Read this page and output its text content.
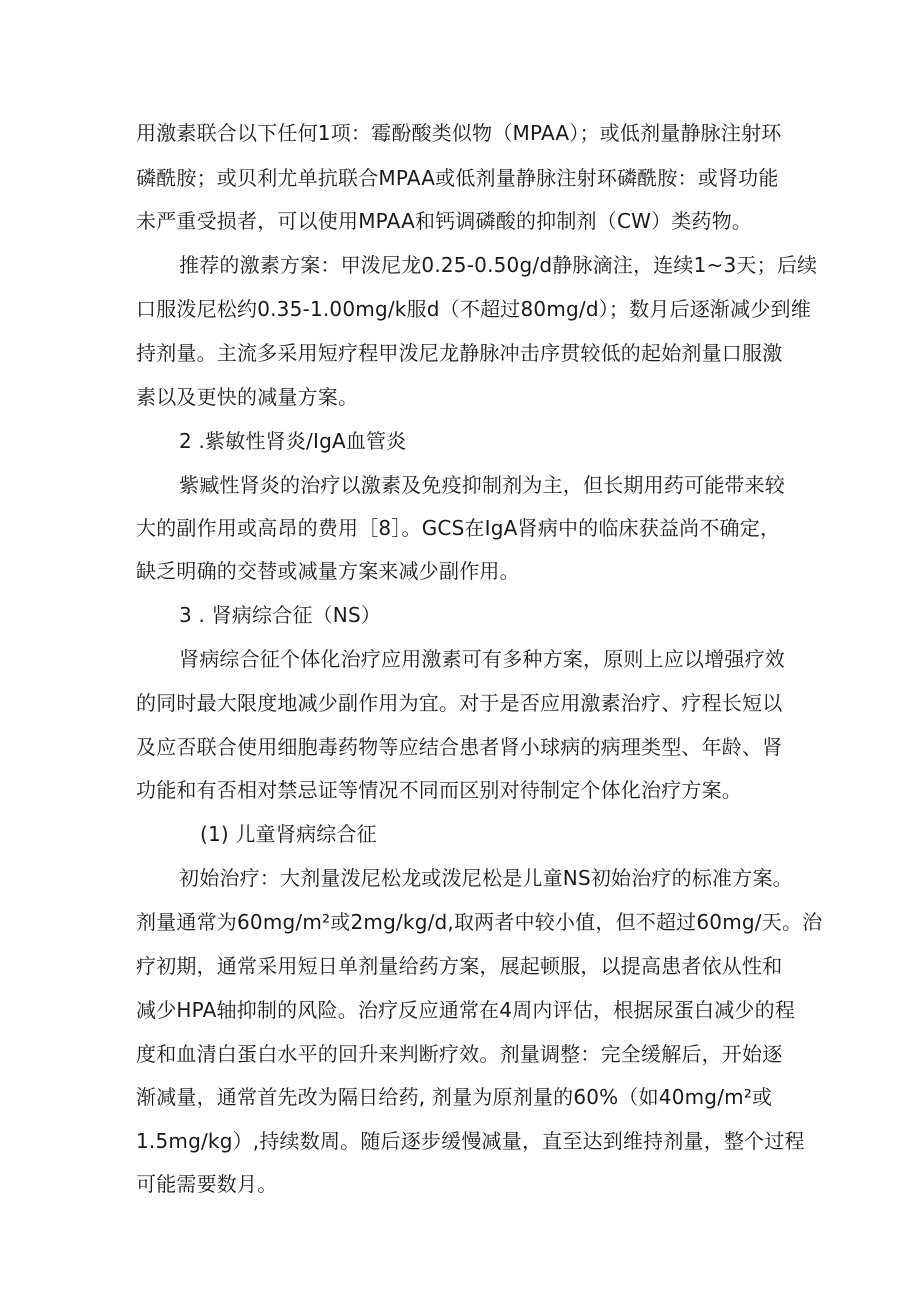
用激素联合以下任何1项：霉酚酸类似物（MPAA）；或低剂量静脉注射环
磷酰胺；或贝利尤单抗联合MPAA或低剂量静脉注射环磷酰胺：或肾功能
未严重受损者，可以使用MPAA和钙调磷酸的抑制剂（CW）类药物。
推荐的激素方案：甲泼尼龙0.25-0.50g/d静脉滴注，连续1~3天；后续
口服泼尼松约0.35-1.00mg/k服d（不超过80mg/d）；数月后逐渐减少到维
持剂量。主流多采用短疗程甲泼尼龙静脉冲击序贯较低的起始剂量口服激
素以及更快的减量方案。
2 .紫敏性肾炎/IgA血管炎
紫臧性肾炎的治疗以激素及免疫抑制剂为主，但长期用药可能带来较
大的副作用或高昂的费用［8］。GCS在IgA肾病中的临床获益尚不确定，
缺乏明确的交替或减量方案来减少副作用。
3 . 肾病综合征（NS）
肾病综合征个体化治疗应用激素可有多种方案，原则上应以增强疗效
的同时最大限度地减少副作用为宜。对于是否应用激素治疗、疗程长短以
及应否联合使用细胞毒药物等应结合患者肾小球病的病理类型、年龄、肾
功能和有否相对禁忌证等情况不同而区别对待制定个体化治疗方案。
(1) 儿童肾病综合征
初始治疗：大剂量泼尼松龙或泼尼松是儿童NS初始治疗的标准方案。
剂量通常为60mg/m²或2mg/kg/d,取两者中较小值，但不超过60mg/天。治
疗初期，通常采用短日单剂量给药方案，展起顿服，以提高患者依从性和
减少HPA轴抑制的风险。治疗反应通常在4周内评估，根据尿蛋白减少的程
度和血清白蛋白水平的回升来判断疗效。剂量调整：完全缓解后，开始逐
渐减量，通常首先改为隔日给药, 剂量为原剂量的60%（如40mg/m²或
1.5mg/kg）,持续数周。随后逐步缓慢减量，直至达到维持剂量，整个过程
可能需要数月。
